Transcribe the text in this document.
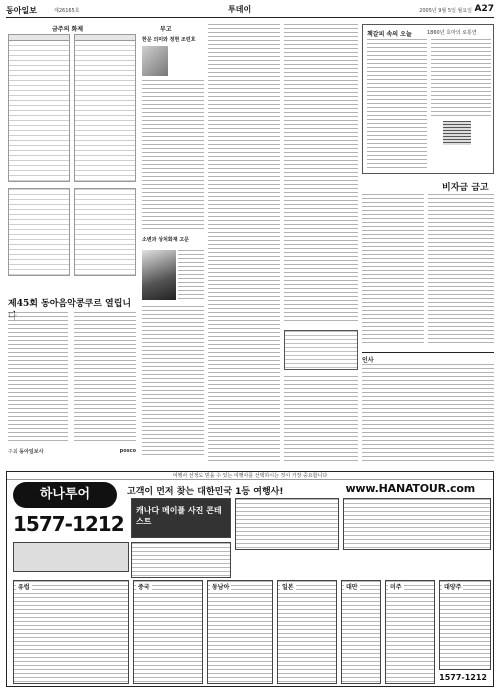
동아일보	제26165호	투데이	2005년 9월 5일 월요일 A27
금주의 화제
제45회 동아음악콩쿠르 열립니
주최 동아일보사	posco
부고
한문 의미와 정현 조런호
소변과 상처화재 고문
책갈피 속의 오늘	1860년 호마의 로통연
비자금 금고
인사
여행사 선정도 믿을 수 있는 여행사를 선택하시는 것이 가장 중요합니다
하나투어	고객이 먼저 찾는 대한민국 1등 여행사!	www.HANATOUR.com
1577-1212
캐나다 메이플 사진 콘테스트
유럽	중국	동남아	일본	대만	미주	대양주
1577-1212
